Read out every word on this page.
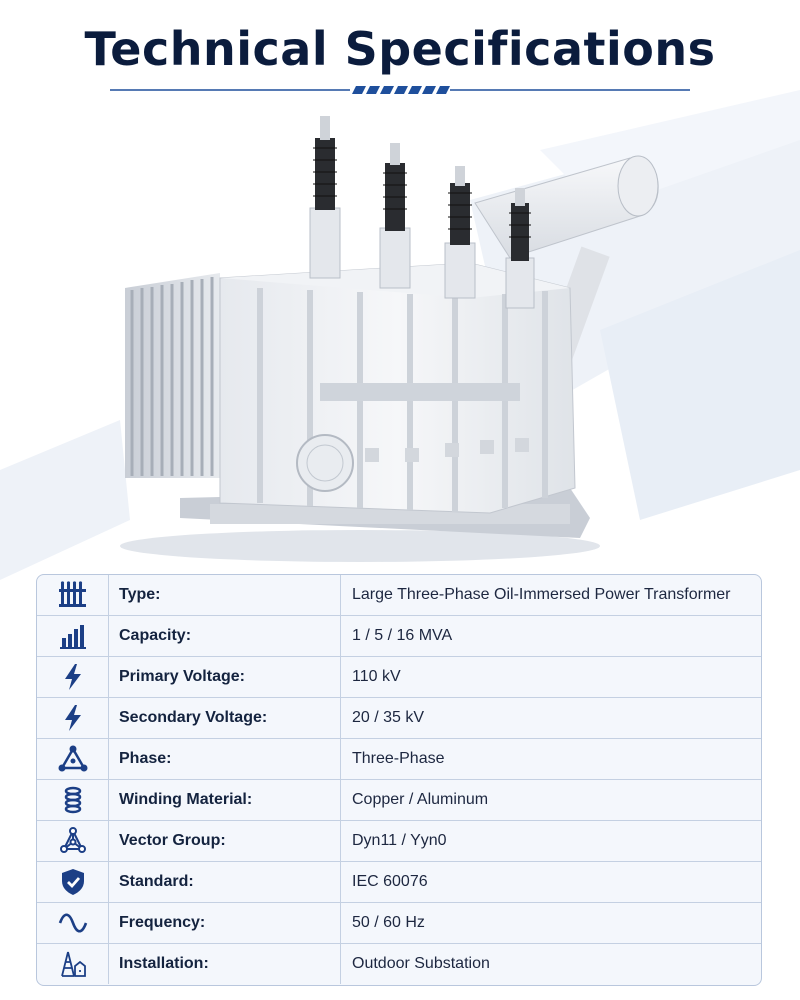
Technical Specifications
Type:	Large Three-Phase Oil-Immersed Power Transformer
Capacity:	1 / 5 / 16 MVA
Primary Voltage:	110 kV
Secondary Voltage:	20 / 35 kV
Phase:	Three-Phase
Winding Material:	Copper / Aluminum
Vector Group:	Dyn11 / Yyn0
Standard:	IEC 60076
Frequency:	50 / 60 Hz
Installation:	Outdoor Substation
